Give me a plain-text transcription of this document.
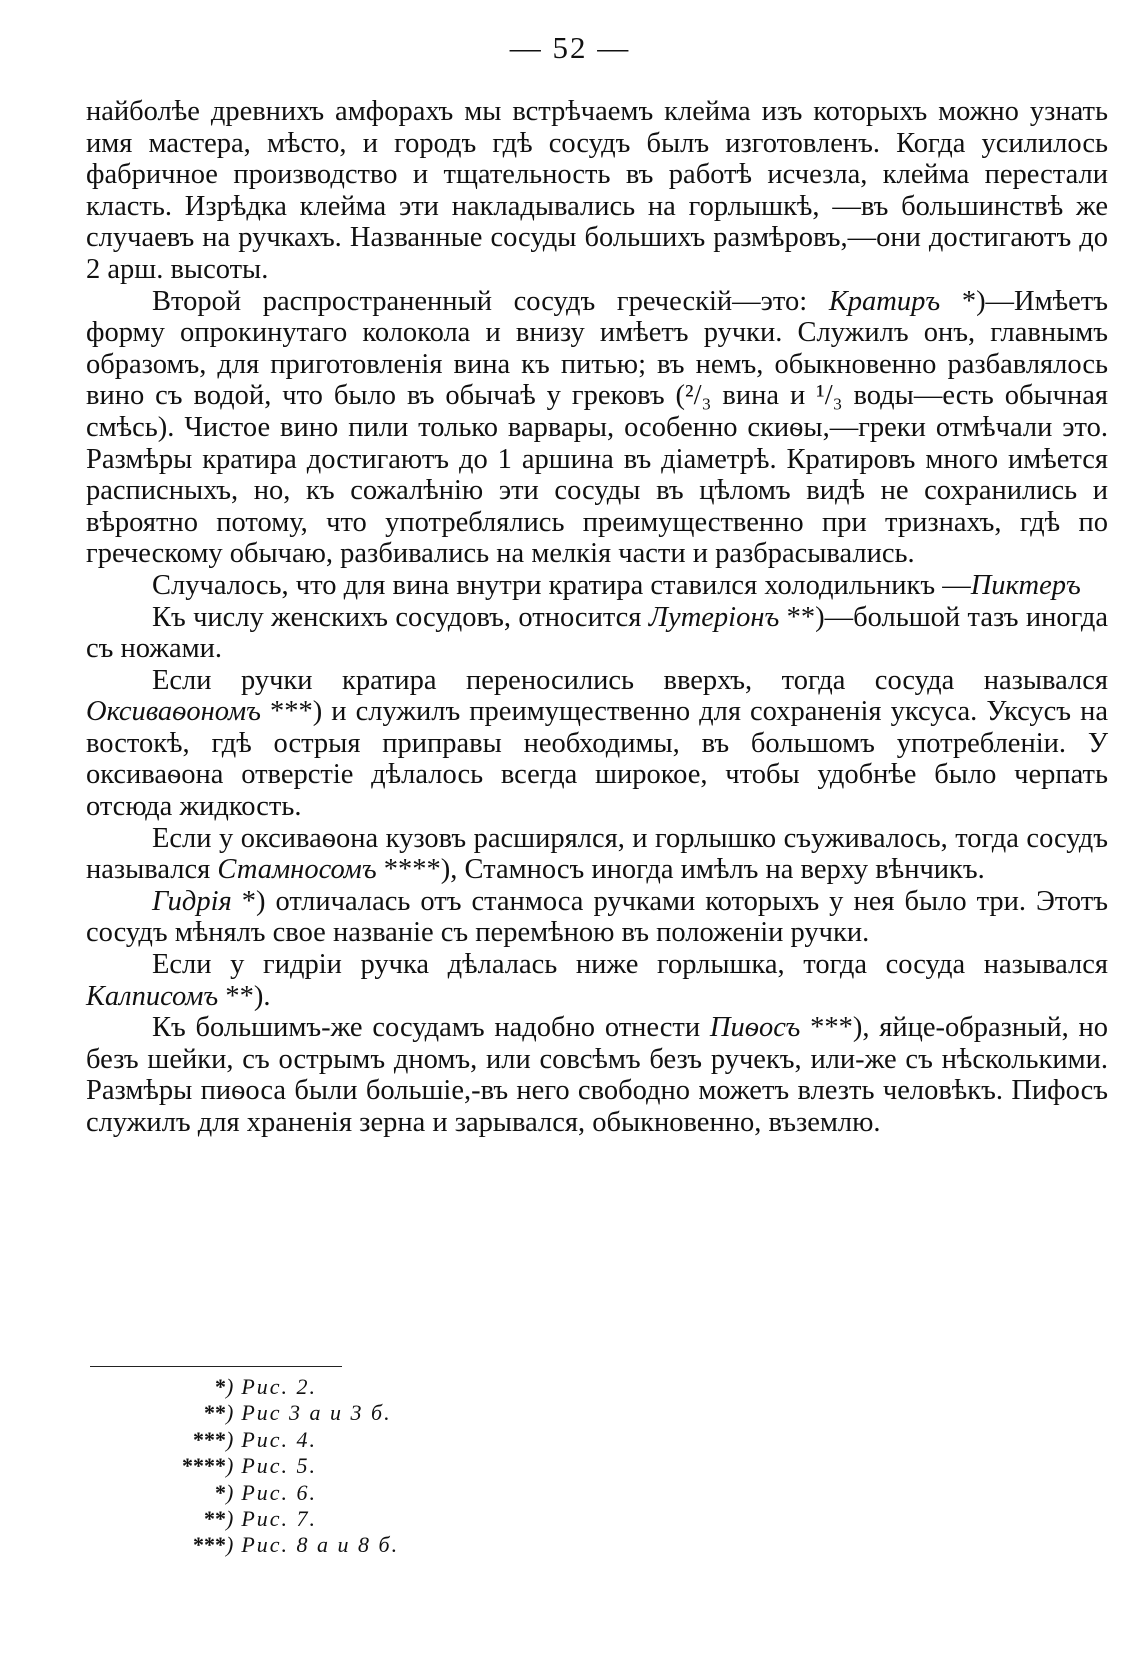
— 52 —

найболѣе древнихъ амфорахъ мы встрѣчаемъ клейма изъ которыхъ можно узнать имя мастера, мѣсто, и городъ гдѣ сосудъ былъ изготовленъ. Когда усилилось фабричное производство и тщательность въ работѣ исчезла, клейма перестали класть. Изрѣдка клейма эти накладывались на горлышкѣ, —въ большинствѣ же случаевъ на ручкахъ. Названные сосуды большихъ размѣровъ,—они достигаютъ до 2 арш. высоты.

Второй распространенный сосудъ греческій—это: Кратиръ *)—Имѣетъ форму опрокинутаго колокола и внизу имѣетъ ручки. Служилъ онъ, главнымъ образомъ, для приготовленія вина къ питью; въ немъ, обыкновенно разбавлялось вино съ водой, что было въ обычаѣ у грековъ (²/₃ вина и ¹/₃ воды—есть обычная смѣсь). Чистое вино пили только варвары, особенно скиѳы,—греки отмѣчали это. Размѣры кратира достигаютъ до 1 аршина въ діаметрѣ. Кратировъ много имѣется расписныхъ, но, къ сожалѣнію эти сосуды въ цѣломъ видѣ не сохранились и вѣроятно потому, что употреблялись преимущественно при тризнахъ, гдѣ по греческому обычаю, разбивались на мелкія части и разбрасывались.

Случалось, что для вина внутри кратира ставился холодильникъ —Пиктеръ

Къ числу женскихъ сосудовъ, относится Лутеріонъ **)—большой тазъ иногда съ ножами.

Если ручки кратира переносились вверхъ, тогда сосуда назывался Оксиваѳономъ ***) и служилъ преимущественно для сохраненія уксуса. Уксусъ на востокѣ, гдѣ острыя приправы необходимы, въ большомъ употребленіи. У оксиваѳона отверстіе дѣлалось всегда широкое, чтобы удобнѣе было черпать отсюда жидкость.

Если у оксиваѳона кузовъ расширялся, и горлышко съуживалось, тогда сосудъ назывался Стамносомъ ****), Стамносъ иногда имѣлъ на верху вѣнчикъ.

Гидрія *) отличалась отъ станмоса ручками которыхъ у нея было три. Этотъ сосудъ мѣнялъ свое названіе съ перемѣною въ положеніи ручки.

Если у гидріи ручка дѣлалась ниже горлышка, тогда сосуда назывался Калписомъ **).

Къ большимъ-же сосудамъ надобно отнести Пиѳосъ ***), яйце-образный, но безъ шейки, съ острымъ дномъ, или совсѣмъ безъ ручекъ, или-же съ нѣсколькими. Размѣры пиѳоса были большіе,-въ него свободно можетъ влезть человѣкъ. Пифосъ служилъ для храненія зерна и зарывался, обыкновенно, въземлю.

* ) Рис. 2.
** ) Рис 3 а и 3 б.
*** ) Рис. 4.
**** ) Рис. 5.
* ) Рис. 6.
** ) Рис. 7.
*** ) Рис. 8 а и 8 б.
